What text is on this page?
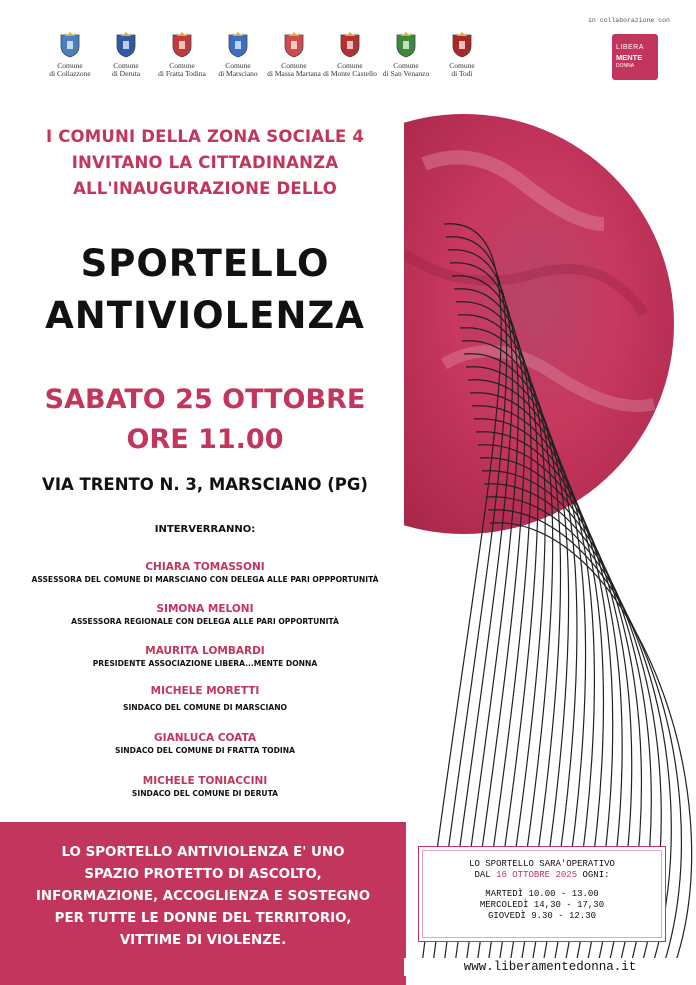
Comune
di Collazzone
Comune
di Deruta
Comune
di Fratta Todina
Comune
di Marsciano
Comune
di Massa Martana
Comune
di Monte Castello
Comune
di San Venanzo
Comune
di Todi
in collaborazione con
LIBERA
MENTE
DONNA ••
I COMUNI DELLA ZONA SOCIALE 4
INVITANO LA CITTADINANZA
ALL'INAUGURAZIONE DELLO
SPORTELLO
ANTIVIOLENZA
SABATO 25 OTTOBRE
ORE 11.00
VIA TRENTO N. 3, MARSCIANO (PG)
INTERVERRANNO:
CHIARA TOMASSONI
ASSESSORA DEL COMUNE DI MARSCIANO CON DELEGA ALLE PARI OPPPORTUNITÀ
SIMONA MELONI
ASSESSORA REGIONALE CON DELEGA ALLE PARI OPPORTUNITÀ
MAURITA LOMBARDI
PRESIDENTE ASSOCIAZIONE LIBERA...MENTE DONNA
MICHELE MORETTI
SINDACO DEL COMUNE DI MARSCIANO
GIANLUCA COATA
SINDACO DEL COMUNE DI FRATTA TODINA
MICHELE TONIACCINI
SINDACO DEL COMUNE DI DERUTA
LO SPORTELLO ANTIVIOLENZA E' UNO
SPAZIO PROTETTO DI ASCOLTO,
INFORMAZIONE, ACCOGLIENZA E SOSTEGNO
PER TUTTE LE DONNE DEL TERRITORIO,
VITTIME DI VIOLENZE.
LO SPORTELLO SARA'OPERATIVO
DAL 16 OTTOBRE 2025 OGNI:
MARTEDÌ 10.00 - 13.00
MERCOLEDÌ 14,30 - 17,30
GIOVEDÌ 9.30 - 12.30
www.liberamentedonna.it
